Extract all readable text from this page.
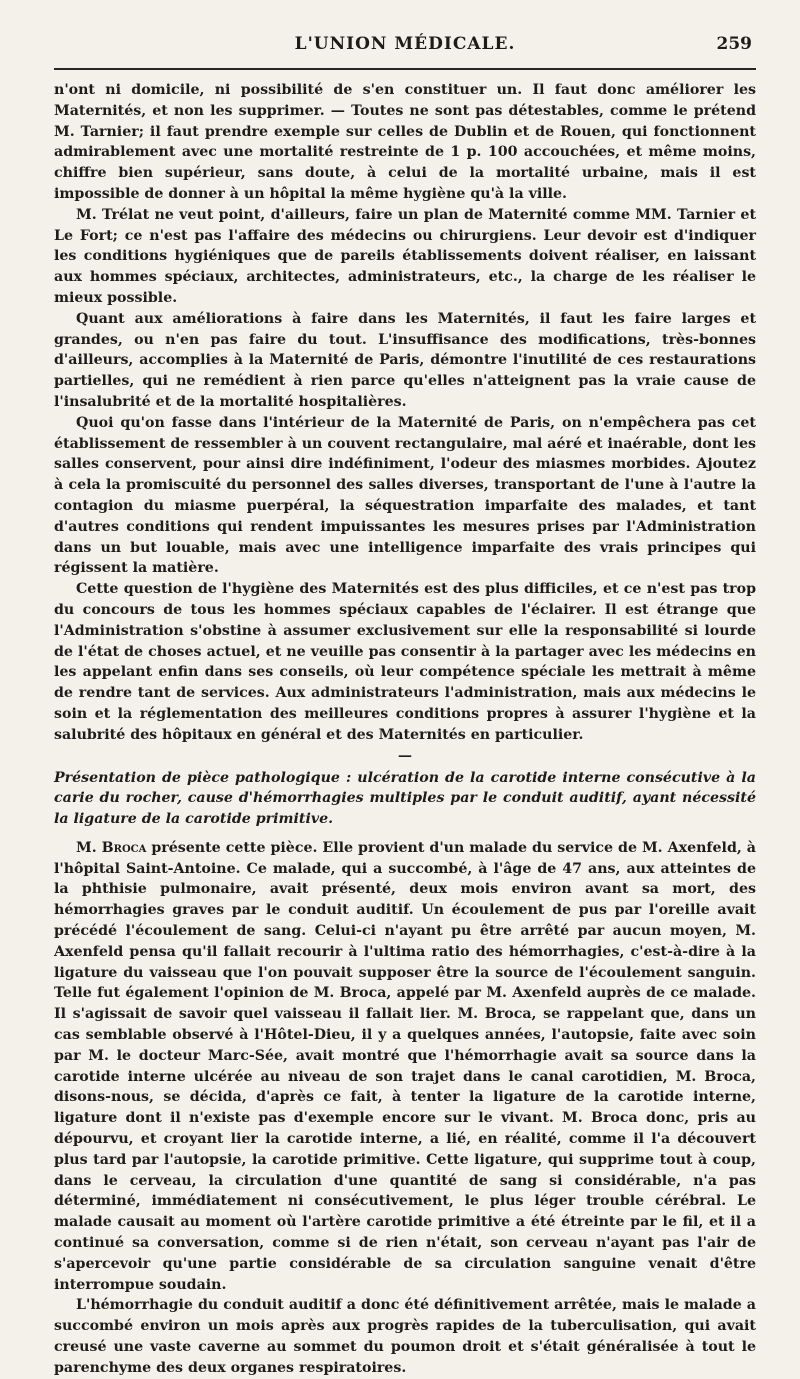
L'UNION MÉDICALE.	259

n'ont ni domicile, ni possibilité de s'en constituer un. Il faut donc améliorer les Maternités, et non les supprimer. — Toutes ne sont pas détestables, comme le prétend M. Tarnier; il faut prendre exemple sur celles de Dublin et de Rouen, qui fonctionnent admirablement avec une mortalité restreinte de 1 p. 100 accouchées, et même moins, chiffre bien supérieur, sans doute, à celui de la mortalité urbaine, mais il est impossible de donner à un hôpital la même hygiène qu'à la ville.

M. Trélat ne veut point, d'ailleurs, faire un plan de Maternité comme MM. Tarnier et Le Fort; ce n'est pas l'affaire des médecins ou chirurgiens. Leur devoir est d'indiquer les conditions hygiéniques que de pareils établissements doivent réaliser, en laissant aux hommes spéciaux, architectes, administrateurs, etc., la charge de les réaliser le mieux possible.

Quant aux améliorations à faire dans les Maternités, il faut les faire larges et grandes, ou n'en pas faire du tout. L'insuffisance des modifications, très-bonnes d'ailleurs, accomplies à la Maternité de Paris, démontre l'inutilité de ces restaurations partielles, qui ne remédient à rien parce qu'elles n'atteignent pas la vraie cause de l'insalubrité et de la mortalité hospitalières.

Quoi qu'on fasse dans l'intérieur de la Maternité de Paris, on n'empêchera pas cet établissement de ressembler à un couvent rectangulaire, mal aéré et inaérable, dont les salles conservent, pour ainsi dire indéfiniment, l'odeur des miasmes morbides. Ajoutez à cela la promiscuité du personnel des salles diverses, transportant de l'une à l'autre la contagion du miasme puerpéral, la séquestration imparfaite des malades, et tant d'autres conditions qui rendent impuissantes les mesures prises par l'Administration dans un but louable, mais avec une intelligence imparfaite des vrais principes qui régissent la matière.

Cette question de l'hygiène des Maternités est des plus difficiles, et ce n'est pas trop du concours de tous les hommes spéciaux capables de l'éclairer. Il est étrange que l'Administration s'obstine à assumer exclusivement sur elle la responsabilité si lourde de l'état de choses actuel, et ne veuille pas consentir à la partager avec les médecins en les appelant enfin dans ses conseils, où leur compétence spéciale les mettrait à même de rendre tant de services. Aux administrateurs l'administration, mais aux médecins le soin et la réglementation des meilleures conditions propres à assurer l'hygiène et la salubrité des hôpitaux en général et des Maternités en particulier.

—

Présentation de pièce pathologique : ulcération de la carotide interne consécutive à la carie du rocher, cause d'hémorrhagies multiples par le conduit auditif, ayant nécessité la ligature de la carotide primitive.

M. Broca présente cette pièce. Elle provient d'un malade du service de M. Axenfeld, à l'hôpital Saint-Antoine. Ce malade, qui a succombé, à l'âge de 47 ans, aux atteintes de la phthisie pulmonaire, avait présenté, deux mois environ avant sa mort, des hémorrhagies graves par le conduit auditif. Un écoulement de pus par l'oreille avait précédé l'écoulement de sang. Celui-ci n'ayant pu être arrêté par aucun moyen, M. Axenfeld pensa qu'il fallait recourir à l'ultima ratio des hémorrhagies, c'est-à-dire à la ligature du vaisseau que l'on pouvait supposer être la source de l'écoulement sanguin. Telle fut également l'opinion de M. Broca, appelé par M. Axenfeld auprès de ce malade. Il s'agissait de savoir quel vaisseau il fallait lier. M. Broca, se rappelant que, dans un cas semblable observé à l'Hôtel-Dieu, il y a quelques années, l'autopsie, faite avec soin par M. le docteur Marc-Sée, avait montré que l'hémorrhagie avait sa source dans la carotide interne ulcérée au niveau de son trajet dans le canal carotidien, M. Broca, disons-nous, se décida, d'après ce fait, à tenter la ligature de la carotide interne, ligature dont il n'existe pas d'exemple encore sur le vivant. M. Broca donc, pris au dépourvu, et croyant lier la carotide interne, a lié, en réalité, comme il l'a découvert plus tard par l'autopsie, la carotide primitive. Cette ligature, qui supprime tout à coup, dans le cerveau, la circulation d'une quantité de sang si considérable, n'a pas déterminé, immédiatement ni consécutivement, le plus léger trouble cérébral. Le malade causait au moment où l'artère carotide primitive a été étreinte par le fil, et il a continué sa conversation, comme si de rien n'était, son cerveau n'ayant pas l'air de s'apercevoir qu'une partie considérable de sa circulation sanguine venait d'être interrompue soudain.

L'hémorrhagie du conduit auditif a donc été définitivement arrêtée, mais le malade a succombé environ un mois après aux progrès rapides de la tuberculisation, qui avait creusé une vaste caverne au sommet du poumon droit et s'était généralisée à tout le parenchyme des deux organes respiratoires.
